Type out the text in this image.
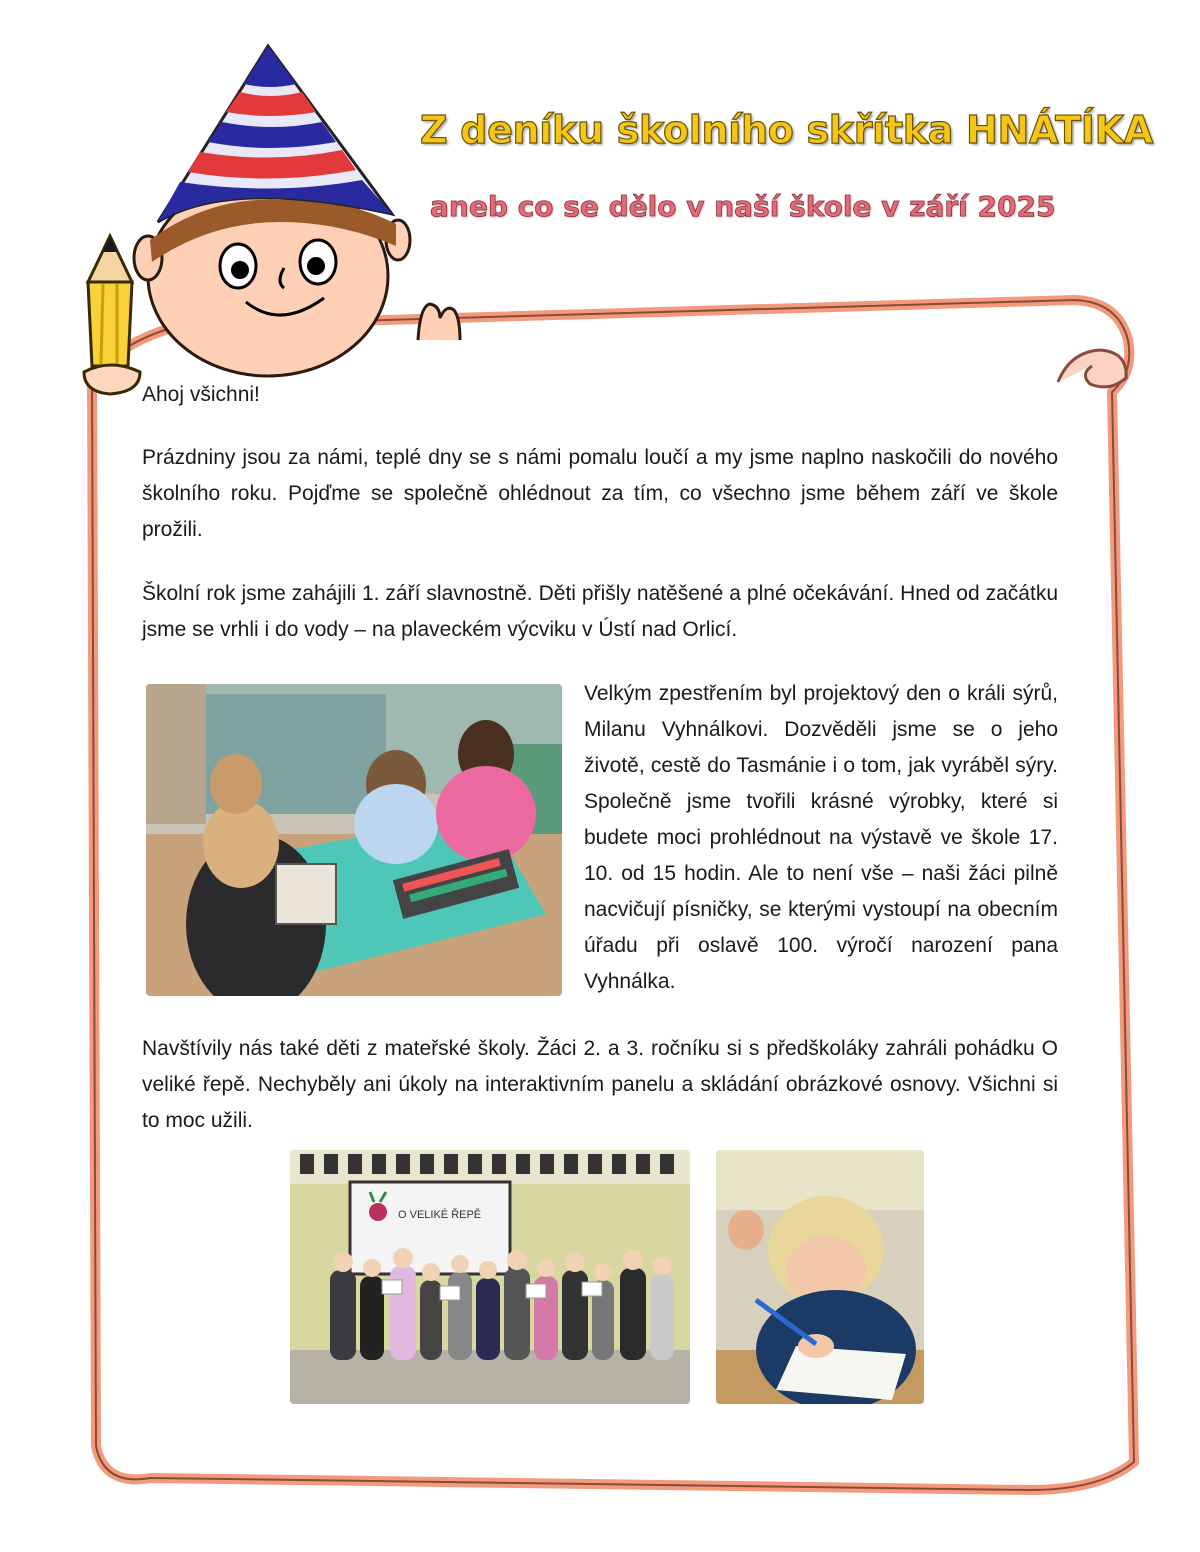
Z deníku školního skřítka HNÁTÍKA
aneb co se dělo v naší škole v září 2025

Ahoj všichni!

Prázdniny jsou za námi, teplé dny se s námi pomalu loučí a my jsme naplno naskočili do nového školního roku. Pojďme se společně ohlédnout za tím, co všechno jsme během září ve škole prožili.

Školní rok jsme zahájili 1. září slavnostně. Děti přišly natěšené a plné očekávání. Hned od začátku jsme se vrhli i do vody – na plaveckém výcviku v Ústí nad Orlicí.

Velkým zpestřením byl projektový den o králi sýrů, Milanu Vyhnálkovi. Dozvěděli jsme se o jeho životě, cestě do Tasmánie i o tom, jak vyráběl sýry. Společně jsme tvořili krásné výrobky, které si budete moci prohlédnout na výstavě ve škole 17. 10. od 15 hodin. Ale to není vše – naši žáci pilně nacvičují písničky, se kterými vystoupí na obecním úřadu při oslavě 100. výročí narození pana Vyhnálka.

Navštívily nás také děti z mateřské školy. Žáci 2. a 3. ročníku si s předškoláky zahráli pohádku O veliké řepě. Nechyběly ani úkoly na interaktivním panelu a skládání obrázkové osnovy. Všichni si to moc užili.

O VELIKÉ ŘEPĚ
